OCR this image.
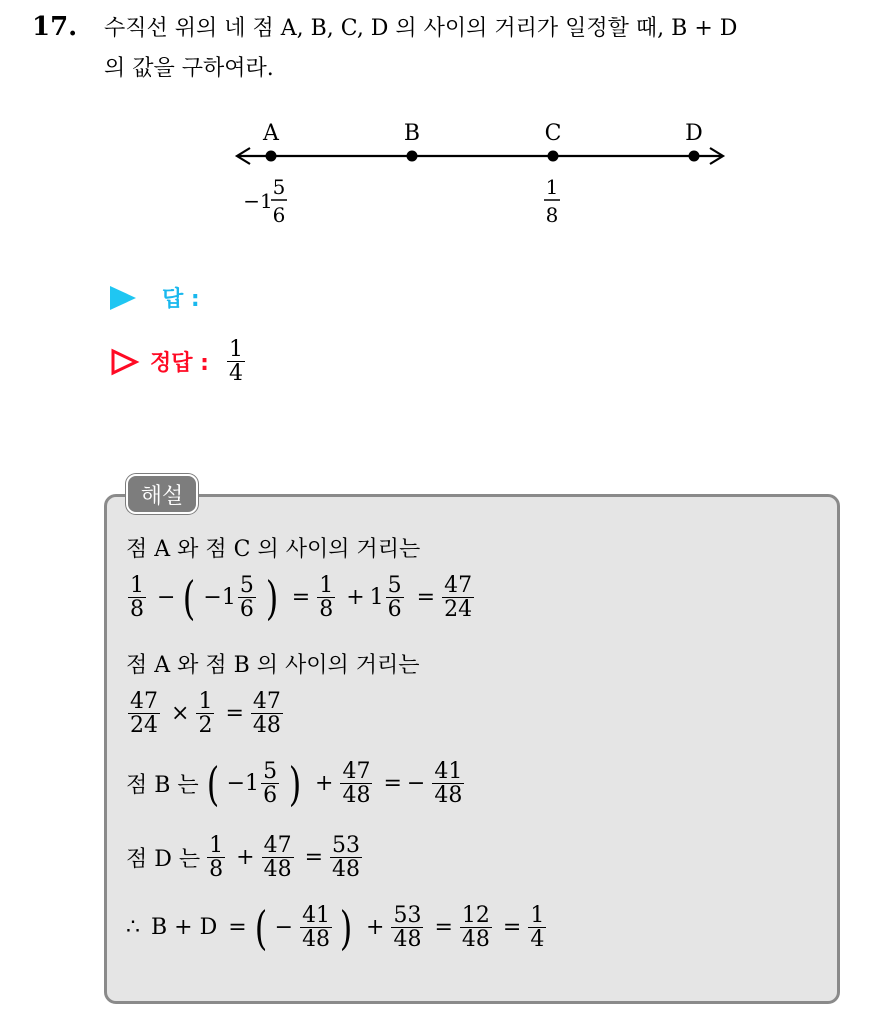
17. 수직선 위의 네 점 A, B, C, D 의 사이의 거리가 일정할 때, B + D
의 값을 구하여라.
A	B	C	D
−1
5
6
1
8
답 :
정답 : $\frac{1}{4}$
해설
점 A 와 점 C 의 사이의 거리는
$\frac{1}{8}$ − ( $-1 \frac{5}{6}$ ) = $\frac{1}{8} + 1 \frac{5}{6} = \frac{47}{24}$
점 A 와 점 B 의 사이의 거리는
$\frac{47}{24} \times \frac{1}{2} = \frac{47}{48}$
점 B 는 ( $-1 \frac{5}{6}$ ) + $\frac{47}{48}$ = − $\frac{41}{48}$
점 D 는 $\frac{1}{8} + \frac{47}{48} = \frac{53}{48}$
∴ B + D = ( − $\frac{41}{48}$ ) + $\frac{53}{48} = \frac{12}{48} = \frac{1}{4}$
